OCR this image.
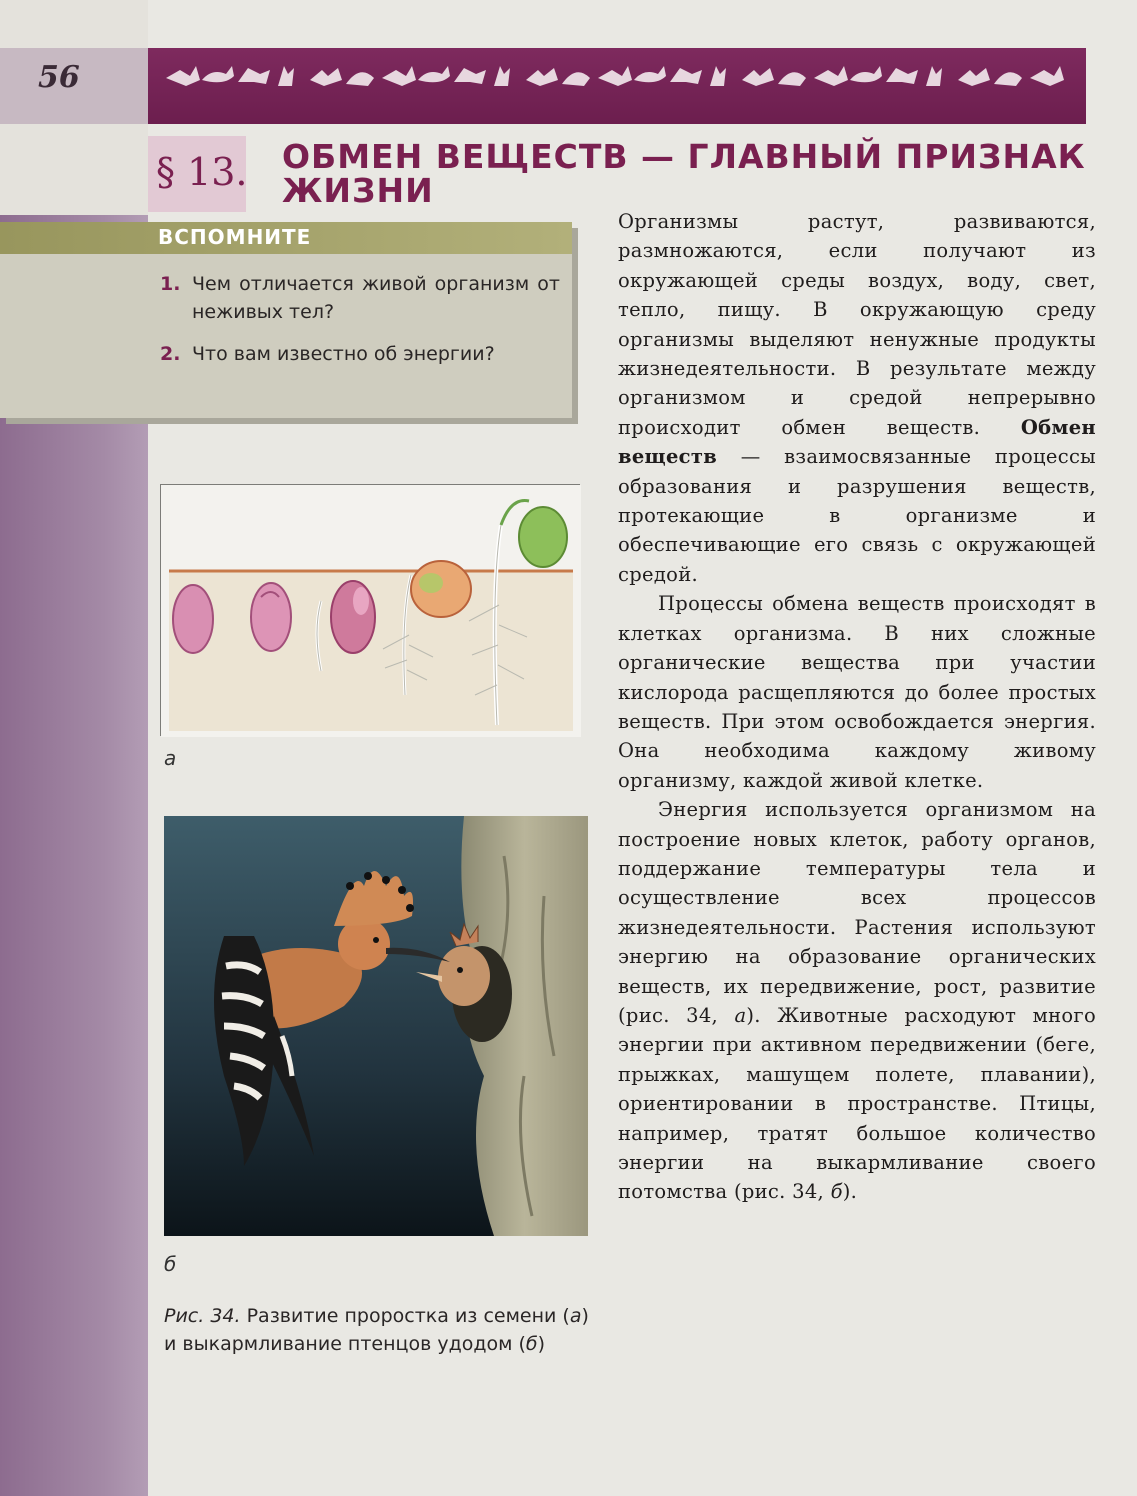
56
§ 13. ОБМЕН ВЕЩЕСТВ — ГЛАВНЫЙ ПРИЗНАК ЖИЗНИ
ВСПОМНИТЕ
1. Чем отличается живой организм от неживых тел?
2. Что вам известно об энергии?
а
б
Рис. 34. Развитие проростка из семени (а) и выкармливание птенцов удодом (б)

Организмы растут, развиваются, размножаются, если получают из окружающей среды воздух, воду, свет, тепло, пищу. В окружающую среду организмы выделяют ненужные продукты жизнедеятельности. В результате между организмом и средой непрерывно происходит обмен веществ. Обмен веществ — взаимосвязанные процессы образования и разрушения веществ, протекающие в организме и обеспечивающие его связь с окружающей средой.

Процессы обмена веществ происходят в клетках организма. В них сложные органические вещества при участии кислорода расщепляются до более простых веществ. При этом освобождается энергия. Она необходима каждому живому организму, каждой живой клетке.

Энергия используется организмом на построение новых клеток, работу органов, поддержание температуры тела и осуществление всех процессов жизнедеятельности. Растения используют энергию на образование органических веществ, их передвижение, рост, развитие (рис. 34, а). Животные расходуют много энергии при активном передвижении (беге, прыжках, машущем полете, плавании), ориентировании в пространстве. Птицы, например, тратят большое количество энергии на выкармливание своего потомства (рис. 34, б).
